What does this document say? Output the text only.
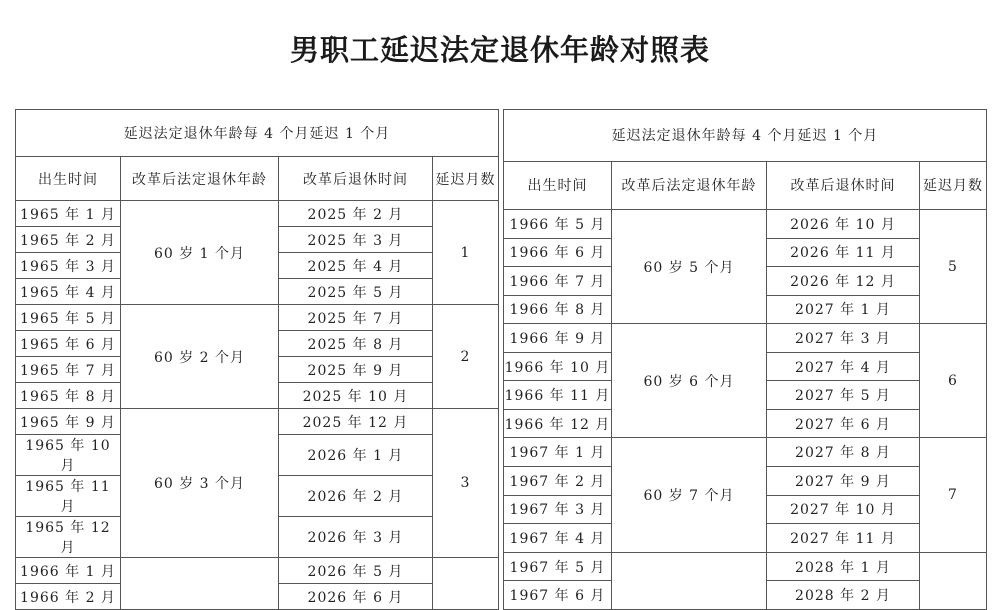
男职工延迟法定退休年龄对照表
延迟法定退休年龄每 4 个月延迟 1 个月			
出生时间	改革后法定退休年龄	改革后退休时间	延迟月数
1965 年 1 月	60 岁 1 个月	2025 年 2 月	1
1965 年 2 月		2025 年 3 月	
1965 年 3 月		2025 年 4 月	
1965 年 4 月		2025 年 5 月	
1965 年 5 月	60 岁 2 个月	2025 年 7 月	2
1965 年 6 月		2025 年 8 月	
1965 年 7 月		2025 年 9 月	
1965 年 8 月		2025 年 10 月	
1965 年 9 月	60 岁 3 个月	2025 年 12 月	3
1965 年 10 月		2026 年 1 月	
1965 年 11 月		2026 年 2 月	
1965 年 12 月		2026 年 3 月	
1966 年 1 月		2026 年 5 月	
1966 年 2 月		2026 年 6 月	
延迟法定退休年龄每 4 个月延迟 1 个月			
出生时间	改革后法定退休年龄	改革后退休时间	延迟月数
1966 年 5 月	60 岁 5 个月	2026 年 10 月	5
1966 年 6 月		2026 年 11 月	
1966 年 7 月		2026 年 12 月	
1966 年 8 月		2027 年 1 月	
1966 年 9 月	60 岁 6 个月	2027 年 3 月	6
1966 年 10 月		2027 年 4 月	
1966 年 11 月		2027 年 5 月	
1966 年 12 月		2027 年 6 月	
1967 年 1 月	60 岁 7 个月	2027 年 8 月	7
1967 年 2 月		2027 年 9 月	
1967 年 3 月		2027 年 10 月	
1967 年 4 月		2027 年 11 月	
1967 年 5 月		2028 年 1 月	
1967 年 6 月		2028 年 2 月	
